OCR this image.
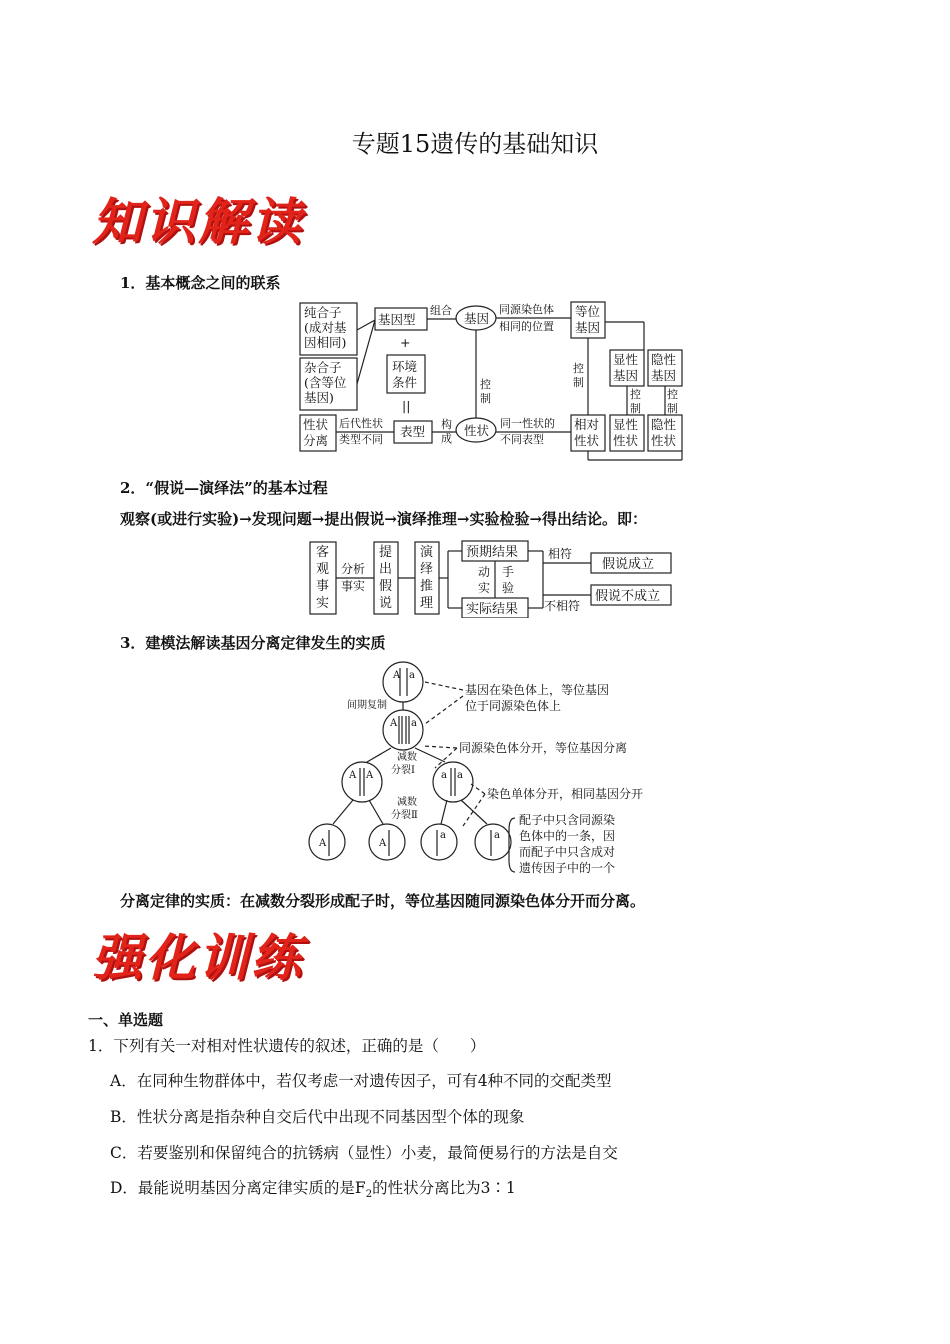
专题15遗传的基础知识
知识解读
1．基本概念之间的联系
纯合子
(成对基
因相同)
杂合子
(含等位
基因)
基因型
+
环境
条件
||
表型
组合
基因
同源染色体
相同的位置
等位
基因
控
制
控
制
显性
基因
隐性
基因
控
制
控
制
性状
构
成
性状
分离
后代性状
类型不同
同一性状的
不同表型
相对
性状
显性
性状
隐性
性状
2．“假说—演绎法”的基本过程
观察(或进行实验)→发现问题→提出假说→演绎推理→实验检验→得出结论。即：
客
观
事
实
分析
事实
提
出
假
说
演
绎
推
理
预期结果
实际结果
动 手
实 验
相符
不相符
假说成立
假说不成立
3．建模法解读基因分离定律发生的实质
A a
A a
A A	a a
A	A
a	a
间期复制
减数
分裂Ⅰ
减数
分裂Ⅱ
基因在染色体上，等位基因
位于同源染色体上
同源染色体分开，等位基因分离
染色单体分开，相同基因分开
配子中只含同源染
色体中的一条，因
而配子中只含成对
遗传因子中的一个
分离定律的实质：在减数分裂形成配子时，等位基因随同源染色体分开而分离。
强化训练
一、单选题
1．下列有关一对相对性状遗传的叙述，正确的是（　　）
A．在同种生物群体中，若仅考虑一对遗传因子，可有4种不同的交配类型
B．性状分离是指杂种自交后代中出现不同基因型个体的现象
C．若要鉴别和保留纯合的抗锈病（显性）小麦，最简便易行的方法是自交
D．最能说明基因分离定律实质的是$F_2$的性状分离比为3∶1
